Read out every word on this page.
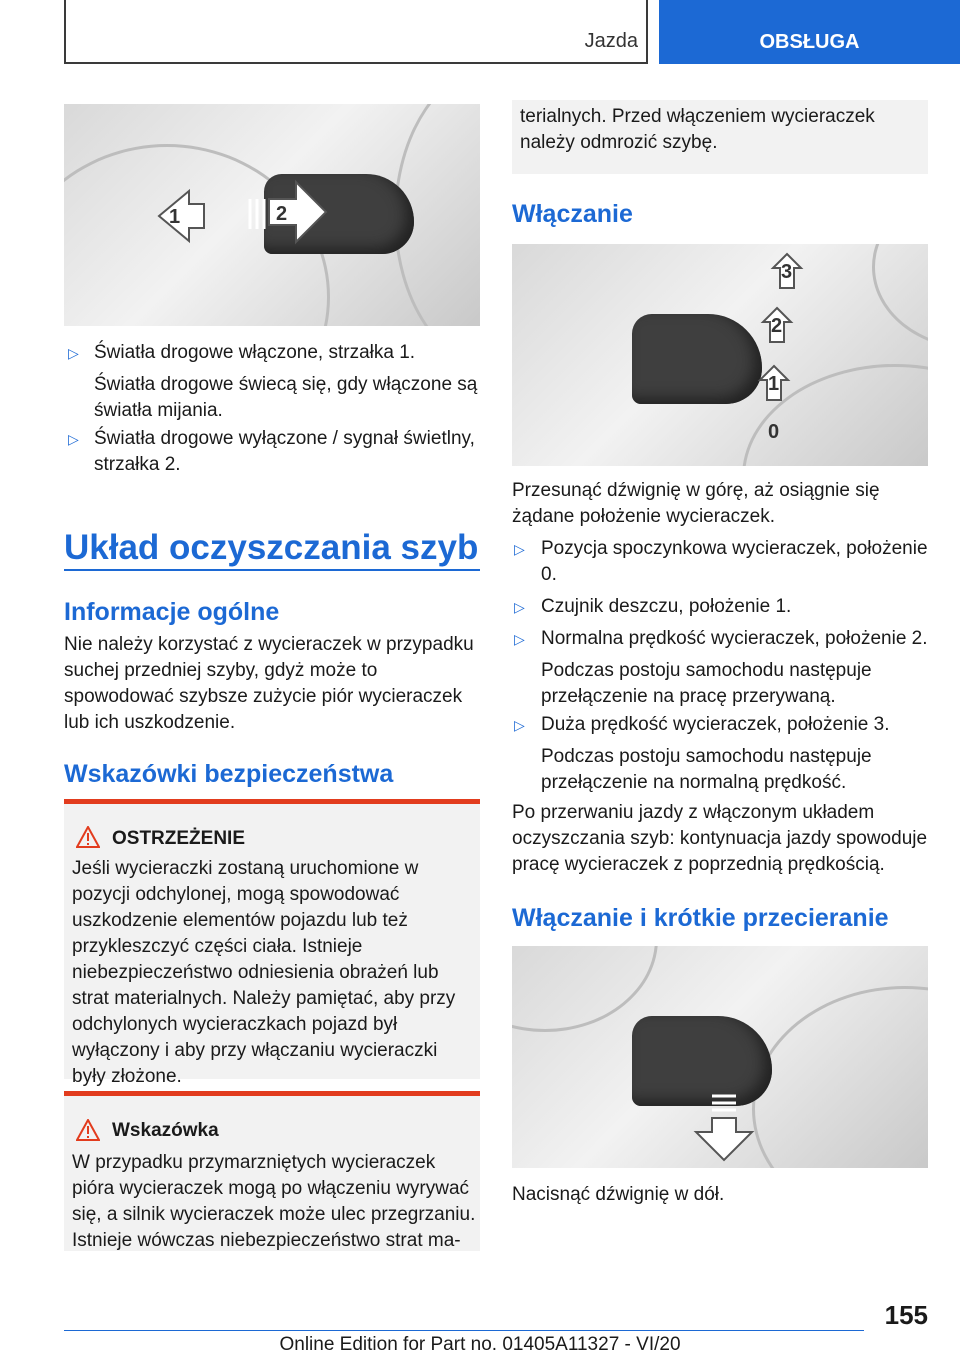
Jazda	OBSŁUGA
1	2
▷ Światła drogowe włączone, strzałka 1.

Światła drogowe świecą się, gdy włączone są światła mijania.

▷ Światła drogowe wyłączone / sygnał świetlny, strzałka 2.

Układ oczyszczania szyb
Informacje ogólne

Nie należy korzystać z wycieraczek w przypadku suchej przedniej szyby, gdyż może to spowodować szybsze zużycie piór wycieraczek lub ich uszkodzenie.

Wskazówki bezpieczeństwa
OSTRZEŻENIE

Jeśli wycieraczki zostaną uruchomione w pozycji odchylonej, mogą spowodować uszkodzenie elementów pojazdu lub też przykleszczyć części ciała. Istnieje niebezpieczeństwo odniesienia obrażeń lub strat materialnych. Należy pamiętać, aby przy odchylonych wycieraczkach pojazd był wyłączony i aby przy włączaniu wycieraczki były złożone.

Wskazówka

W przypadku przymarzniętych wycieraczek pióra wycieraczek mogą po włączeniu wyrywać się, a silnik wycieraczek może ulec przegrzaniu. Istnieje wówczas niebezpieczeństwo strat ma-

terialnych. Przed włączeniem wycieraczek należy odmrozić szybę.

Włączanie
3
2
1
0

Przesunąć dźwignię w górę, aż osiągnie się żądane położenie wycieraczek.

▷ Pozycja spoczynkowa wycieraczek, położenie 0.

▷ Czujnik deszczu, położenie 1.

▷ Normalna prędkość wycieraczek, położenie 2.

Podczas postoju samochodu następuje przełączenie na pracę przerywaną.

▷ Duża prędkość wycieraczek, położenie 3.

Podczas postoju samochodu następuje przełączenie na normalną prędkość.

Po przerwaniu jazdy z włączonym układem oczyszczania szyb: kontynuacja jazdy spowoduje pracę wycieraczek z poprzednią prędkością.

Włączanie i krótkie przecieranie

Nacisnąć dźwignię w dół.

155
Online Edition for Part no. 01405A11327 - VI/20
